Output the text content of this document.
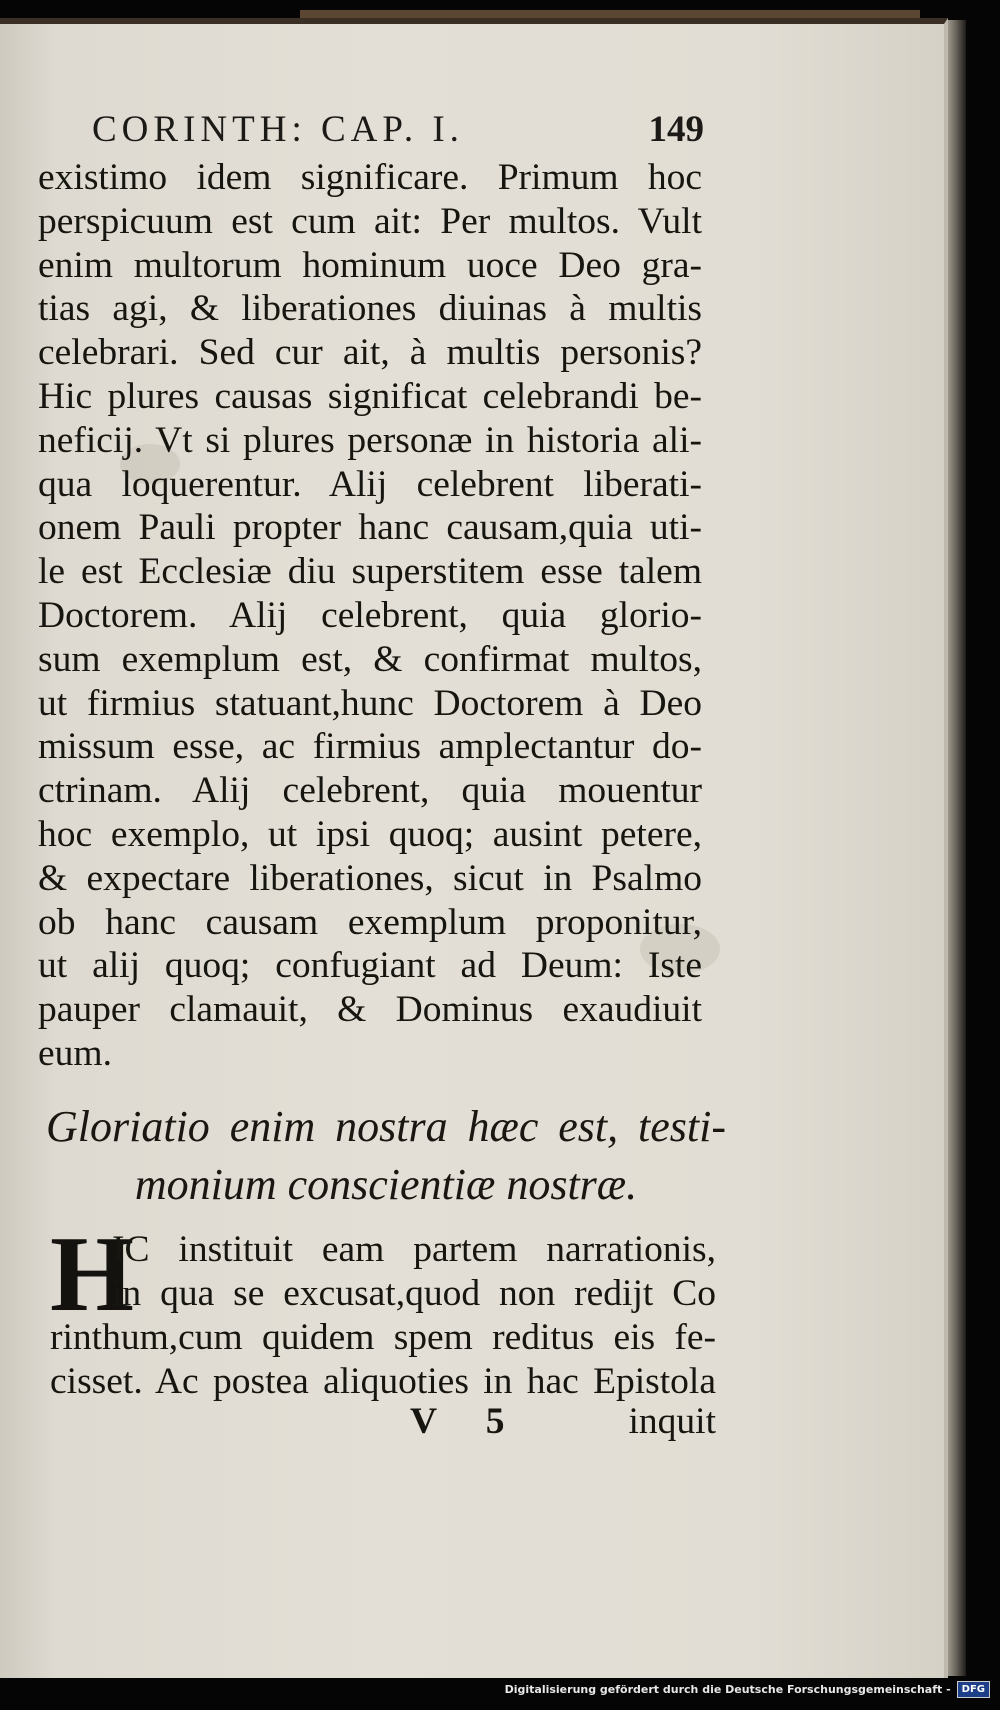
CORINTH: CAP. I.	149
existimo idem significare. Primum hoc
perspicuum est cum ait: Per multos. Vult
enim multorum hominum uoce Deo gra-
tias agi, & liberationes diuinas à multis
celebrari. Sed cur ait, à multis personis?
Hic plures causas significat celebrandi be-
neficij. Vt si plures personæ in historia ali-
qua loquerentur. Alij celebrent liberati-
onem Pauli propter hanc causam,quia uti-
le est Ecclesiæ diu superstitem esse talem
Doctorem. Alij celebrent, quia glorio-
sum exemplum est, & confirmat multos,
ut firmius statuant,hunc Doctorem à Deo
missum esse, ac firmius amplectantur do-
ctrinam. Alij celebrent, quia mouentur
hoc exemplo, ut ipsi quoq; ausint petere,
& expectare liberationes, sicut in Psalmo
ob hanc causam exemplum proponitur,
ut alij quoq; confugiant ad Deum: Iste
pauper clamauit, & Dominus exaudiuit
eum.
Gloriatio enim nostra hæc est, testi-
monium conscientiæ nostræ.
H
IC instituit eam partem narrationis,
in qua se excusat,quod non redijt Co
rinthum,cum quidem spem reditus eis fe-
cisset. Ac postea aliquoties in hac Epistola
V 5	inquit
Digitalisierung gefördert durch die Deutsche Forschungsgemeinschaft -	DFG
